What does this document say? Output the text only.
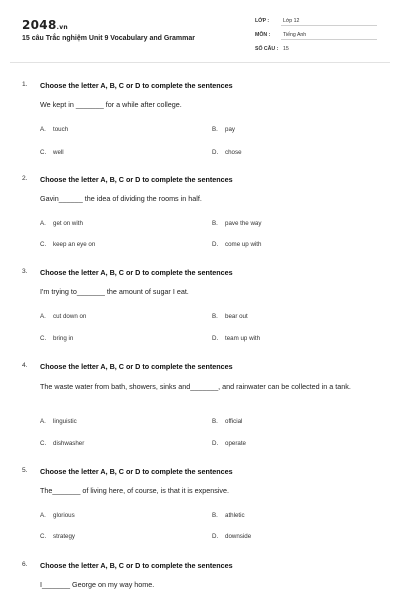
2048.vn
15 câu Trắc nghiệm Unit 9 Vocabulary and Grammar
LỚP :	Lớp 12
MÔN : Tiếng Anh
SỐ CÂU : 15
1. Choose the letter A, B, C or D to complete the sentences
We kept in _______ for a while after college.
A. touch	B. pay
C. well	D. chose
2. Choose the letter A, B, C or D to complete the sentences
Gavin______ the idea of dividing the rooms in half.
A. get on with	B. pave the way
C. keep an eye on	D. come up with
3. Choose the letter A, B, C or D to complete the sentences
I'm trying to_______ the amount of sugar I eat.
A. cut down on	B. bear out
C. bring in	D. team up with
4. Choose the letter A, B, C or D to complete the sentences
The waste water from bath, showers, sinks and_______, and rainwater can be collected in a tank.
A. linguistic	B. official
C. dishwasher	D. operate
5. Choose the letter A, B, C or D to complete the sentences
The_______ of living here, of course, is that it is expensive.
A. glorious	B. athletic
C. strategy	D. downside
6. Choose the letter A, B, C or D to complete the sentences
I_______ George on my way home.
